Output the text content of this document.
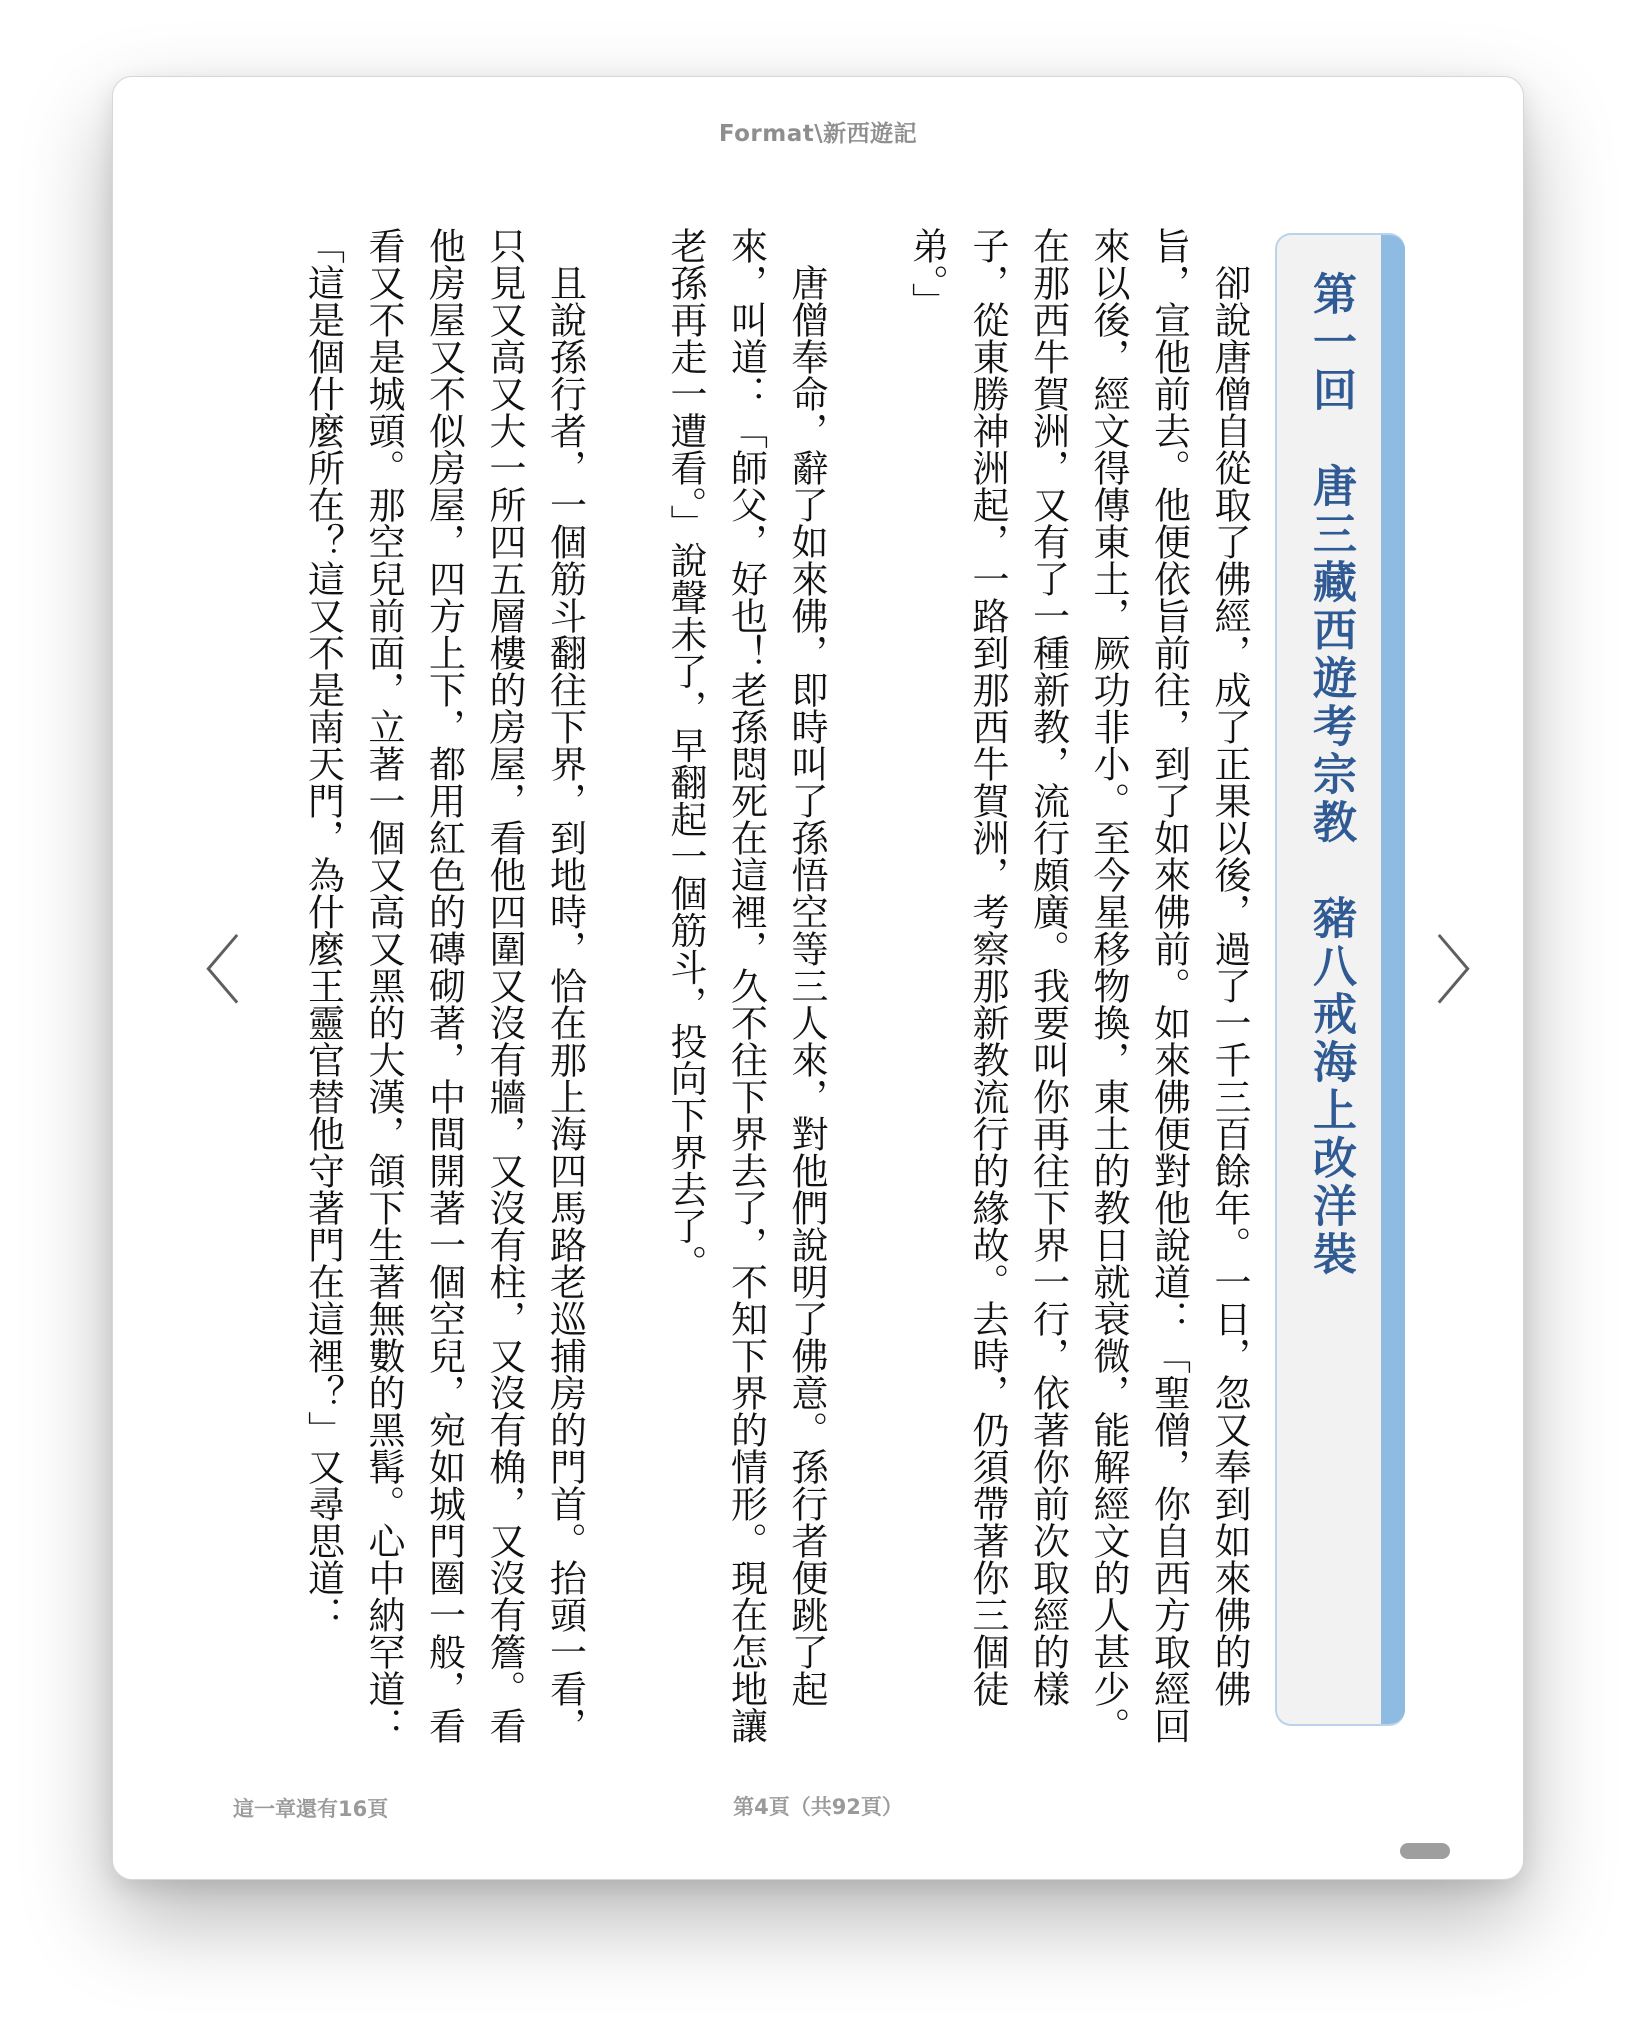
Format\新西遊記
〈	〉
第一回　唐三藏西遊考宗教　豬八戒海上改洋裝

卻說唐僧自從取了佛經，成了正果以後，過了一千三百餘年。一日，忽又奉到如來佛的佛旨，宣他前去。他便依旨前往，到了如來佛前。如來佛便對他說道：「聖僧，你自西方取經回來以後，經文得傳東土，厥功非小。至今星移物換，東土的教日就衰微，能解經文的人甚少。在那西牛賀洲，又有了一種新教，流行頗廣。我要叫你再往下界一行，依著你前次取經的樣子，從東勝神洲起，一路到那西牛賀洲，考察那新教流行的緣故。去時，仍須帶著你三個徒

弟。」

唐僧奉命，辭了如來佛，即時叫了孫悟空等三人來，對他們說明了佛意。孫行者便跳了起來，叫道：「師父，好也！老孫悶死在這裡，久不往下界去了，不知下界的情形。現在怎地讓老孫再走一遭看。」說聲未了，早翻起一個筋斗，投向下界去了。

且說孫行者，一個筋斗翻往下界，到地時，恰在那上海四馬路老巡捕房的門首。抬頭一看，只見又高又大一所四五層樓的房屋，看他四圍又沒有牆，又沒有柱，又沒有桷，又沒有簷。看他房屋又不似房屋，四方上下，都用紅色的磚砌著，中間開著一個空兒，宛如城門圈一般，看看又不是城頭。那空兒前面，立著一個又高又黑的大漢，頜下生著無數的黑髯。心中納罕道：「這是個什麼所在？這又不是南天門，為什麼王靈官替他守著門在這裡？」又尋思道：

這一章還有16頁	第4頁（共92頁）
